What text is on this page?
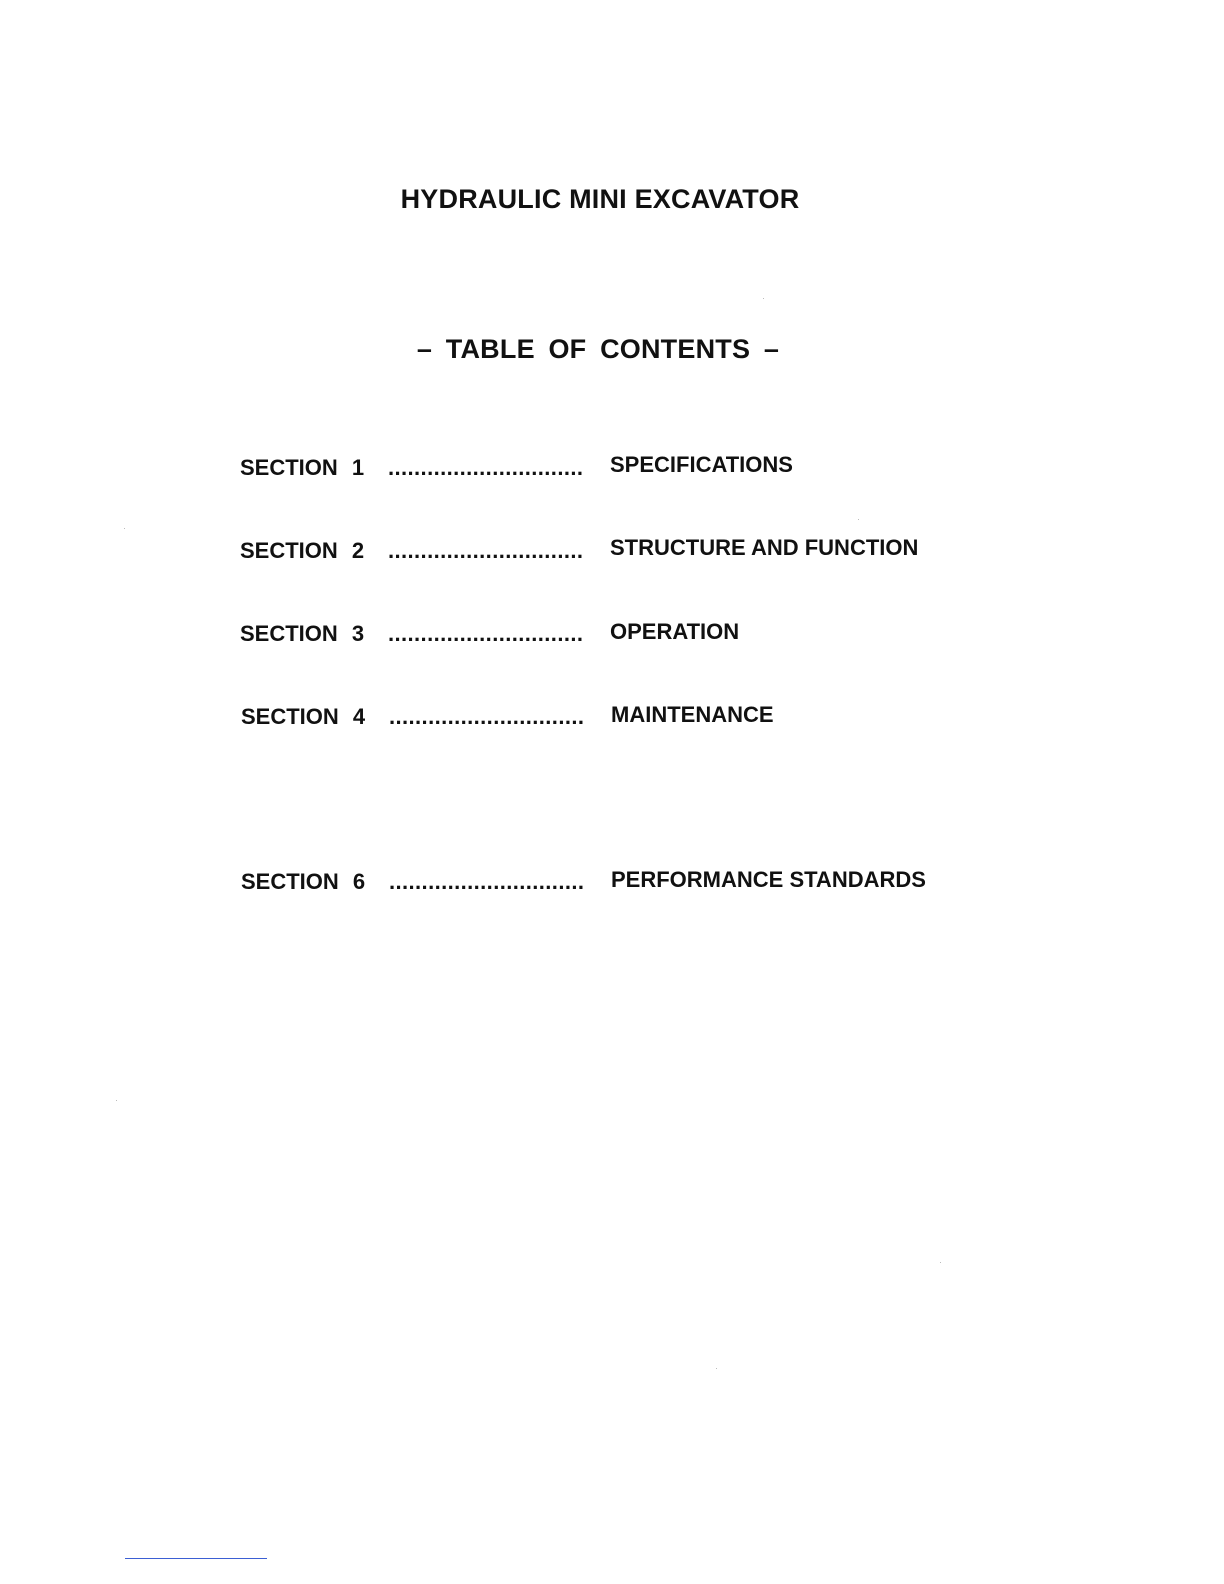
HYDRAULIC MINI EXCAVATOR
– TABLE OF CONTENTS –
SECTION 1 .............................. SPECIFICATIONS
SECTION 2 .............................. STRUCTURE AND FUNCTION
SECTION 3 .............................. OPERATION
SECTION 4 .............................. MAINTENANCE
SECTION 6 .............................. PERFORMANCE STANDARDS
